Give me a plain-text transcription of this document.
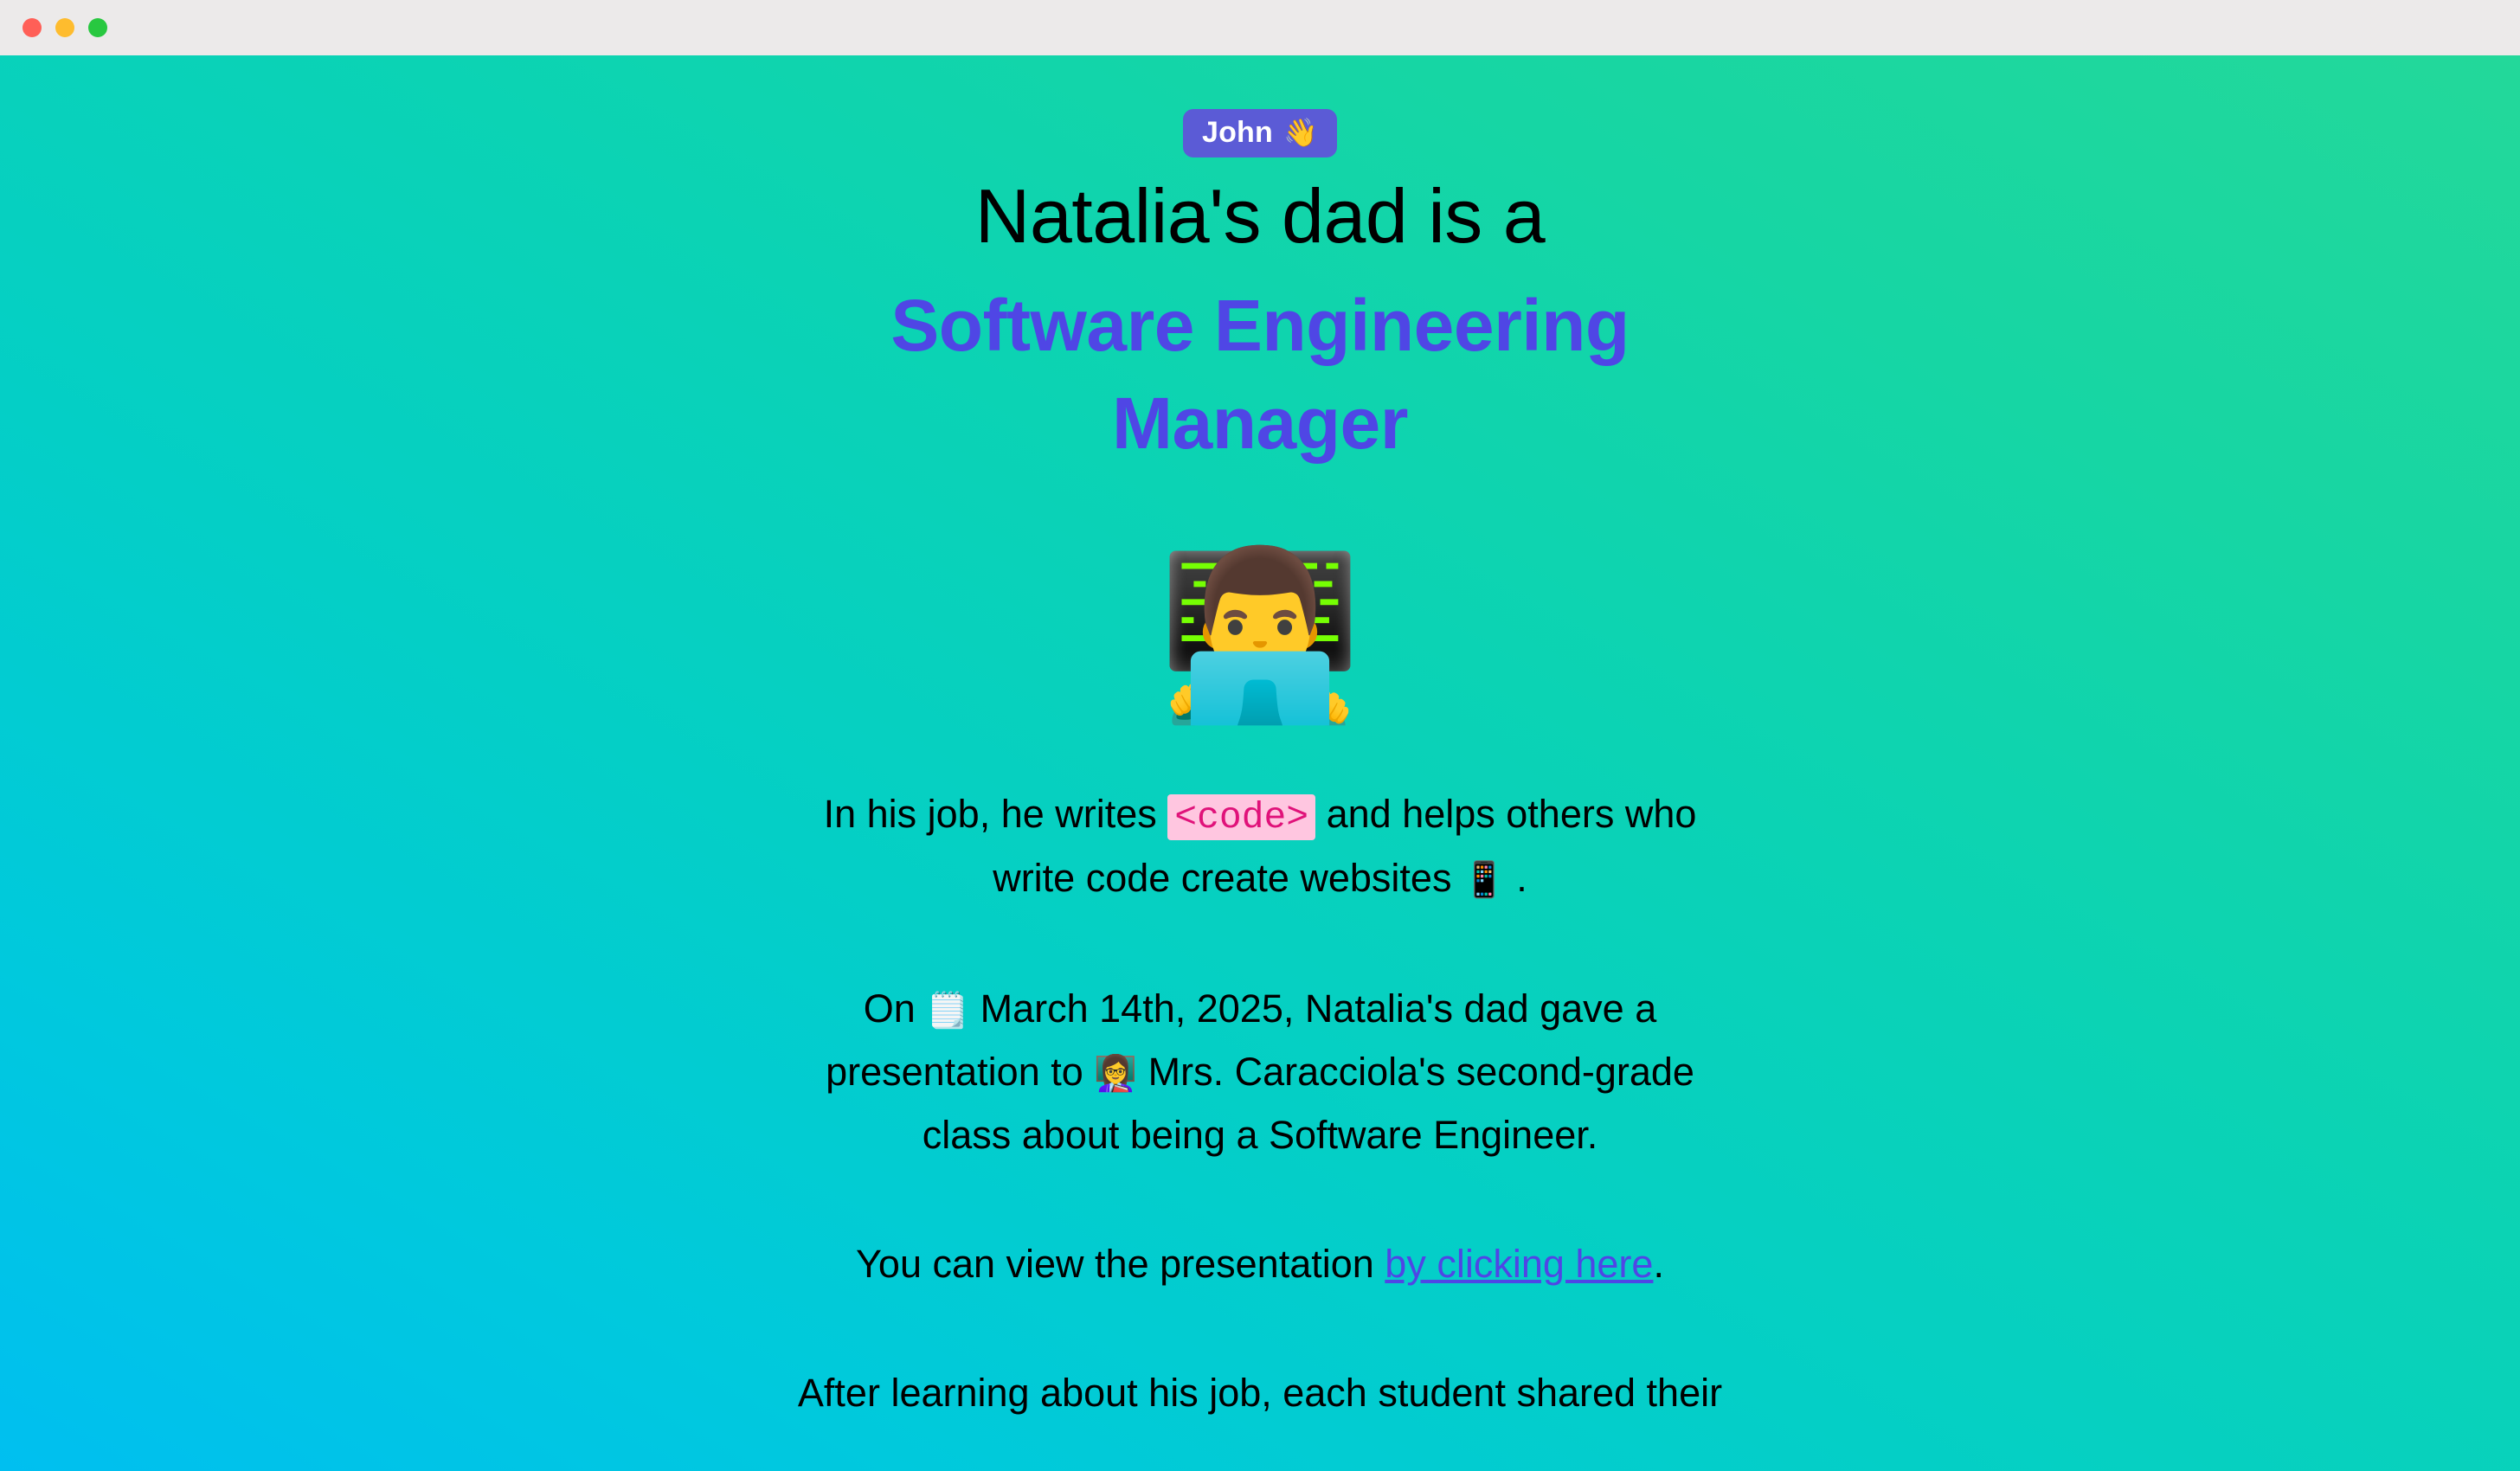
John 👋
Natalia's dad is a
Software Engineering Manager
👨‍💻

In his job, he writes <code> and helps others who write code create websites 📱 .

On 🗒️ March 14th, 2025, Natalia's dad gave a presentation to 👩‍🏫 Mrs. Caracciola's second-grade class about being a Software Engineer.

You can view the presentation by clicking here.

After learning about his job, each student shared their
